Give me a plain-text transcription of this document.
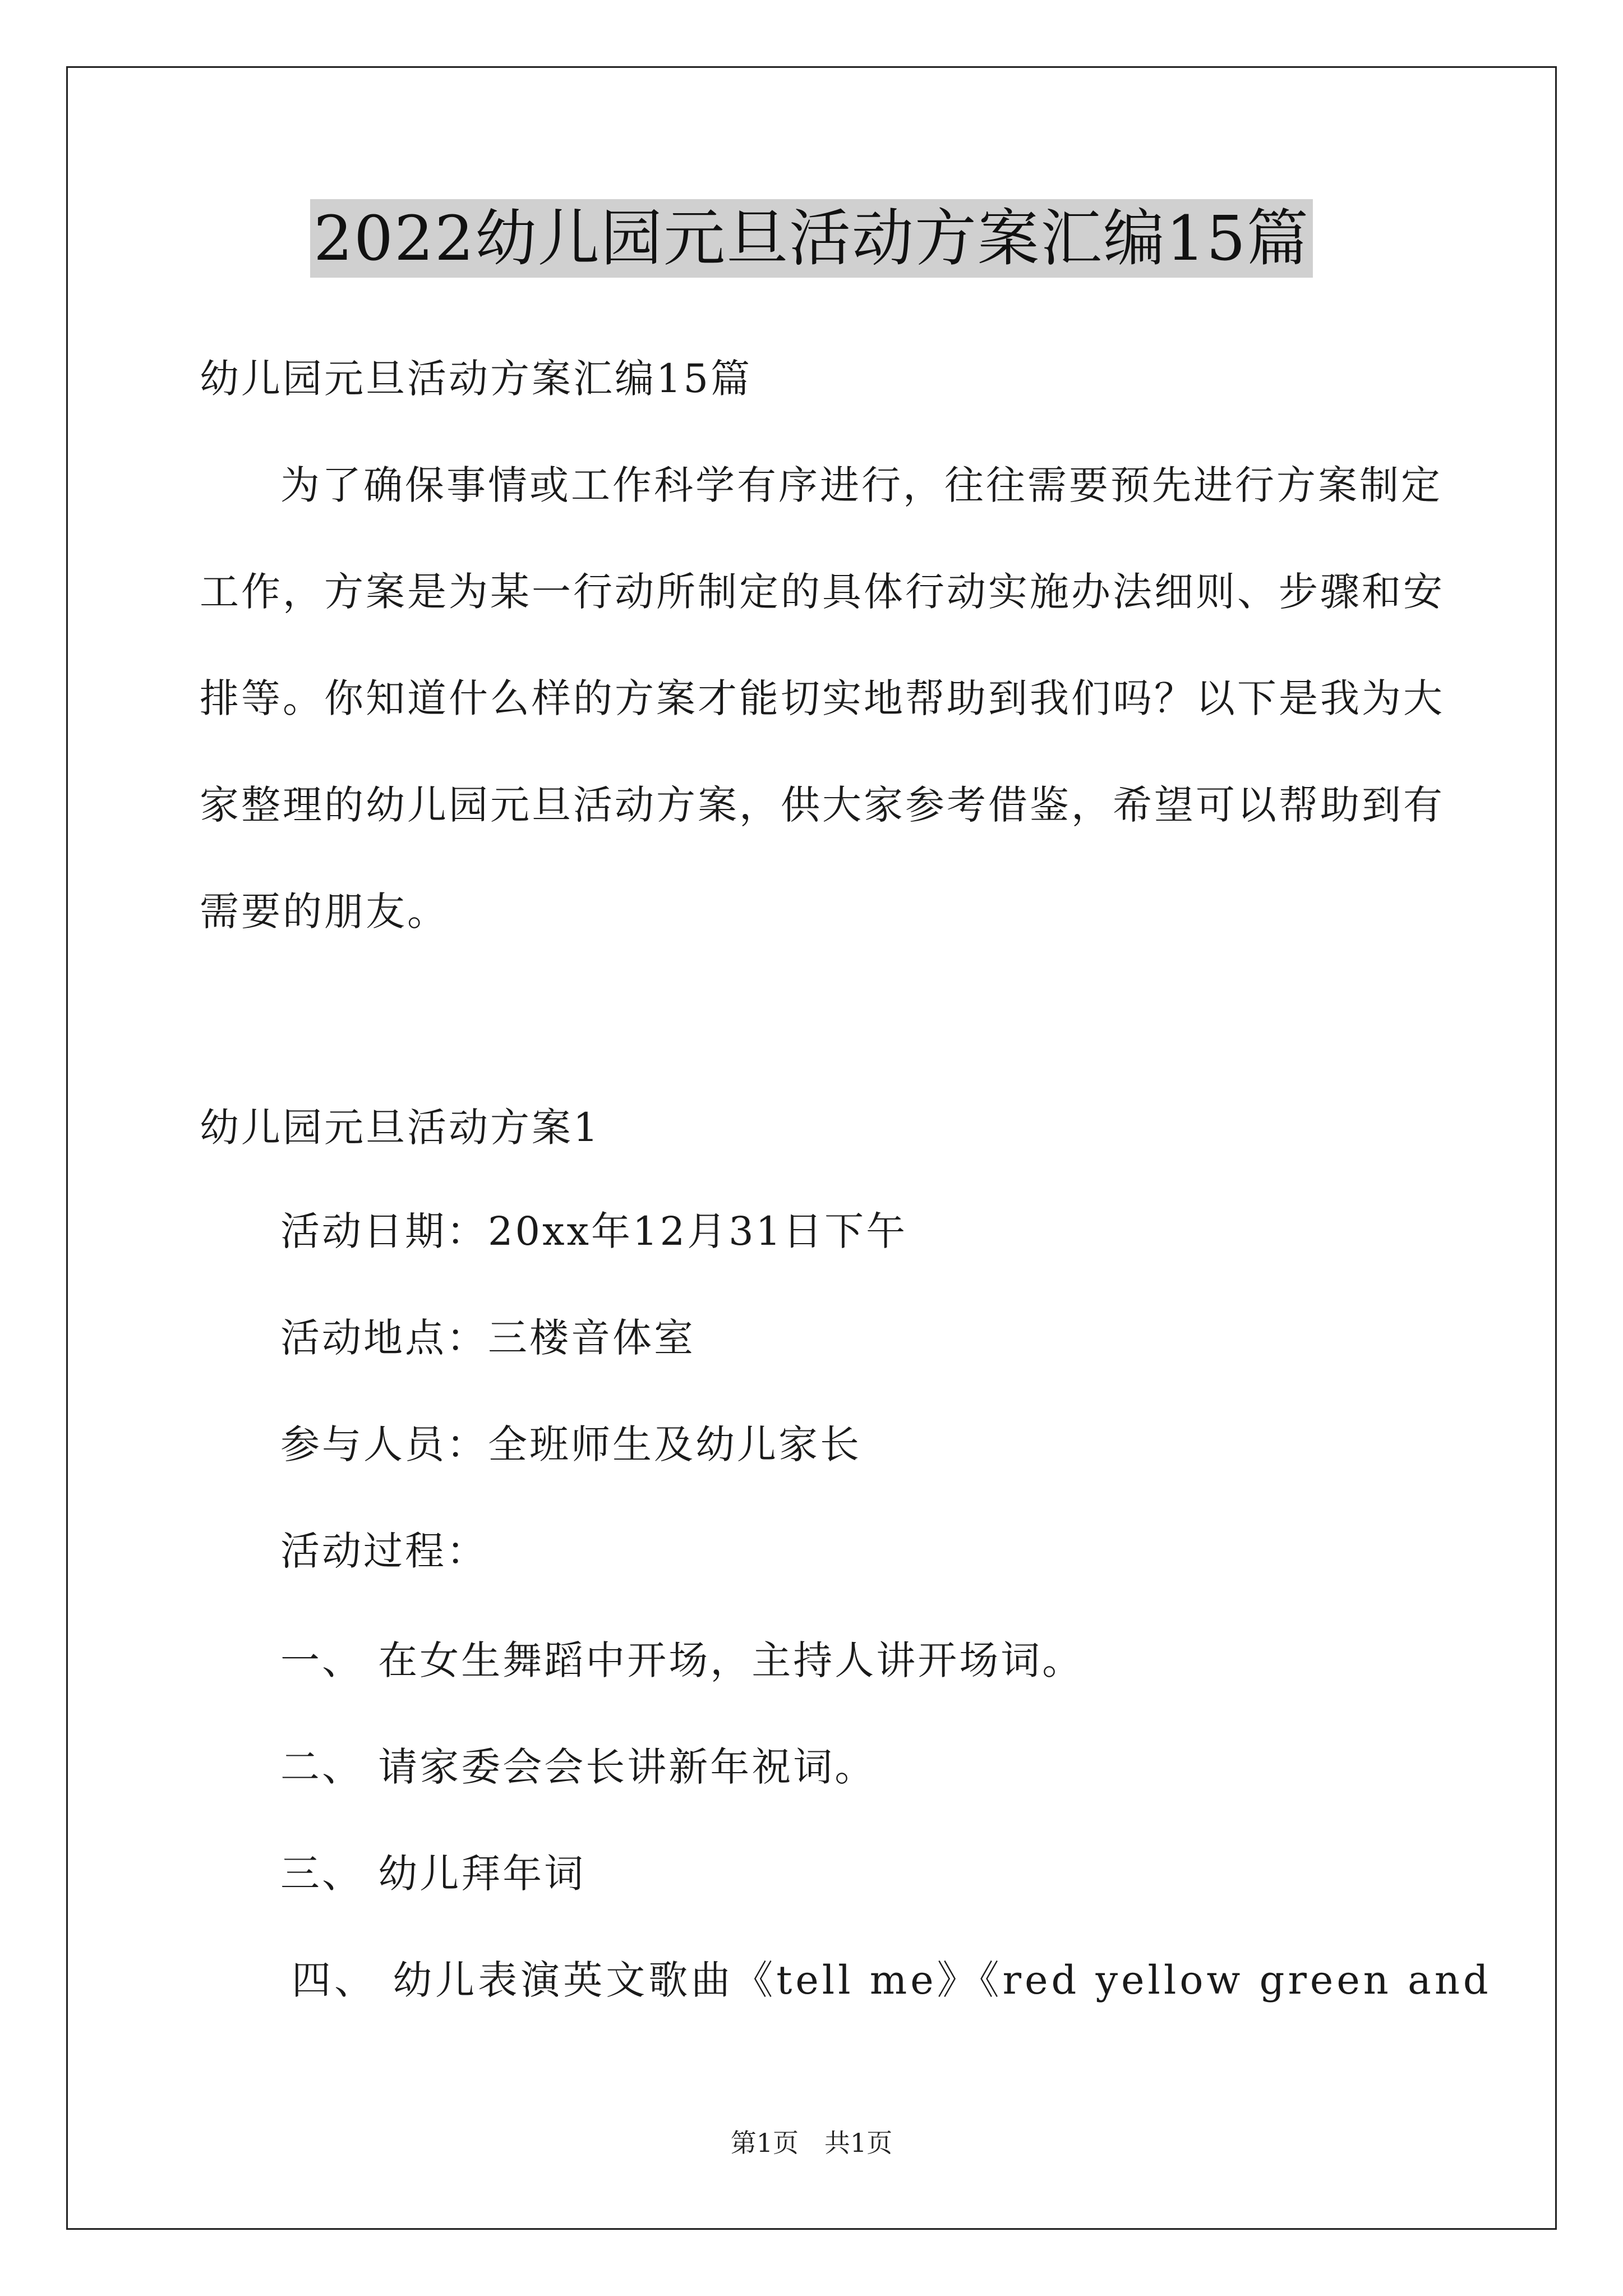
2022幼儿园元旦活动方案汇编15篇
幼儿园元旦活动方案汇编15篇
为了确保事情或工作科学有序进行，往往需要预先进行方案制定
工作，方案是为某一行动所制定的具体行动实施办法细则、步骤和安
排等。你知道什么样的方案才能切实地帮助到我们吗？以下是我为大
家整理的幼儿园元旦活动方案，供大家参考借鉴，希望可以帮助到有
需要的朋友。
幼儿园元旦活动方案1
活动日期：20xx年12月31日下午
活动地点：三楼音体室
参与人员：全班师生及幼儿家长
活动过程：
一、 在女生舞蹈中开场，主持人讲开场词。
二、 请家委会会长讲新年祝词。
三、 幼儿拜年词
四、 幼儿表演英文歌曲《tell me》《red yellow green and
第1页　共1页
